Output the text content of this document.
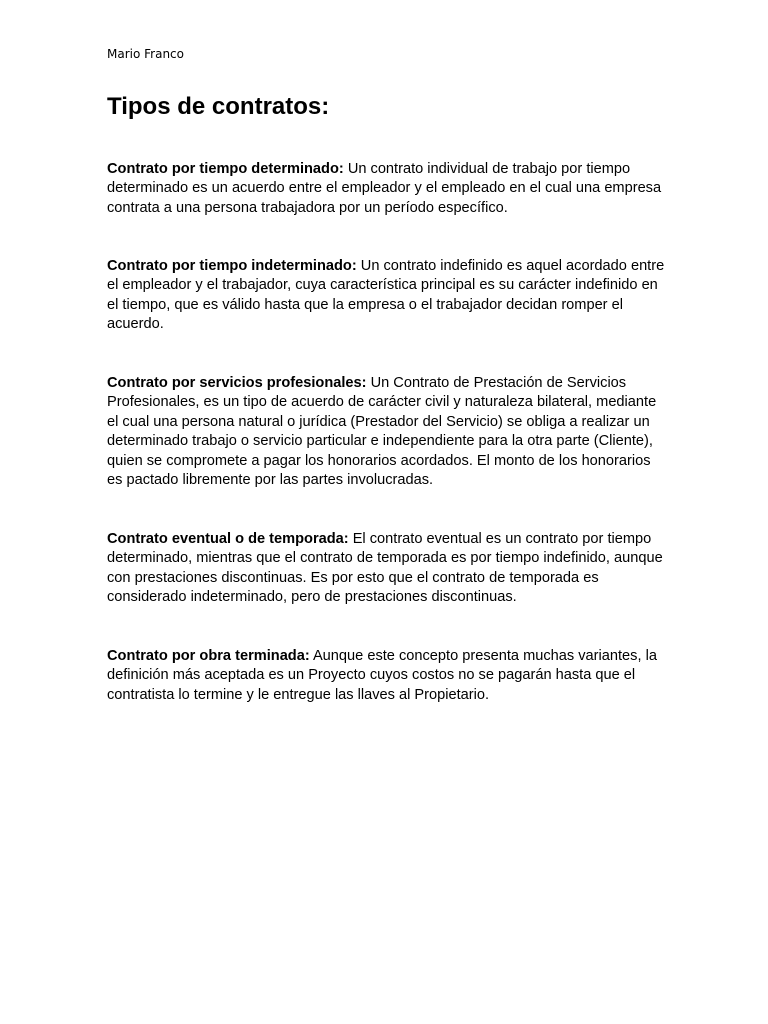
Mario Franco
Tipos de contratos:

Contrato por tiempo determinado: Un contrato individual de trabajo por tiempo determinado es un acuerdo entre el empleador y el empleado en el cual una empresa contrata a una persona trabajadora por un período específico.

Contrato por tiempo indeterminado: Un contrato indefinido es aquel acordado entre el empleador y el trabajador, cuya característica principal es su carácter indefinido en el tiempo, que es válido hasta que la empresa o el trabajador decidan romper el acuerdo.

Contrato por servicios profesionales: Un Contrato de Prestación de Servicios Profesionales, es un tipo de acuerdo de carácter civil y naturaleza bilateral, mediante el cual una persona natural o jurídica (Prestador del Servicio) se obliga a realizar un determinado trabajo o servicio particular e independiente para la otra parte (Cliente), quien se compromete a pagar los honorarios acordados. El monto de los honorarios es pactado libremente por las partes involucradas.

Contrato eventual o de temporada: El contrato eventual es un contrato por tiempo determinado, mientras que el contrato de temporada es por tiempo indefinido, aunque con prestaciones discontinuas. Es por esto que el contrato de temporada es considerado indeterminado, pero de prestaciones discontinuas.

Contrato por obra terminada: Aunque este concepto presenta muchas variantes, la definición más aceptada es un Proyecto cuyos costos no se pagarán hasta que el contratista lo termine y le entregue las llaves al Propietario.
